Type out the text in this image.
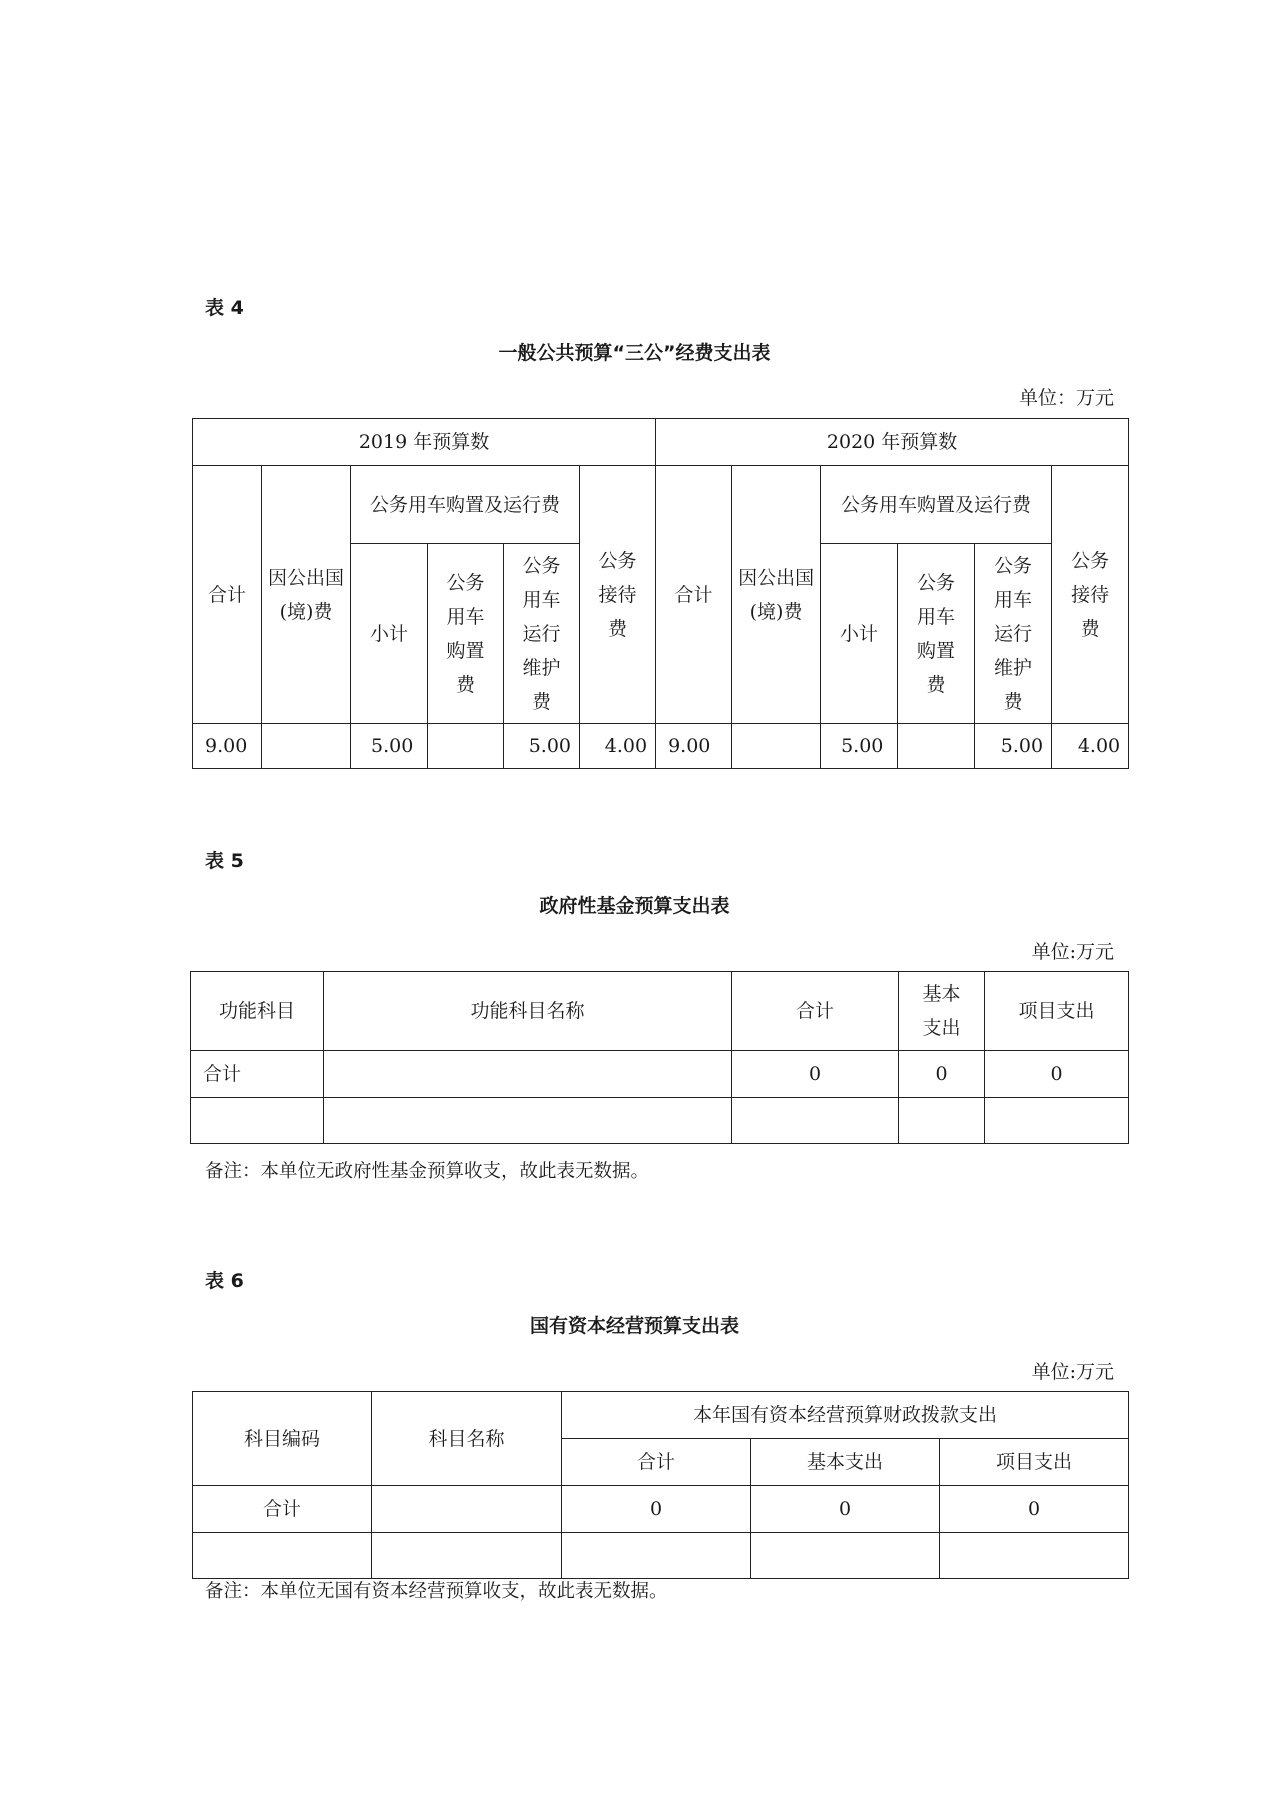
表 4
一般公共预算“三公”经费支出表
单位：万元
2019 年预算数						2020 年预算数					
合计	因公出国(境)费	公务用车购置及运行费			公务接待费	合计	因公出国(境)费	公务用车购置及运行费			公务接待费
		小计	公务用车购置费	公务用车运行维护费				小计	公务用车购置费	公务用车运行维护费	
9.00		5.00		5.00	4.00	9.00		5.00		5.00	4.00
表 5
政府性基金预算支出表
单位:万元
功能科目	功能科目名称	合计	基本支出	项目支出
合计		0	0	0

备注：本单位无政府性基金预算收支，故此表无数据。
表 6
国有资本经营预算支出表
单位:万元
科目编码	科目名称	本年国有资本经营预算财政拨款支出		
		合计	基本支出	项目支出
合计		0	0	0

备注：本单位无国有资本经营预算收支，故此表无数据。
